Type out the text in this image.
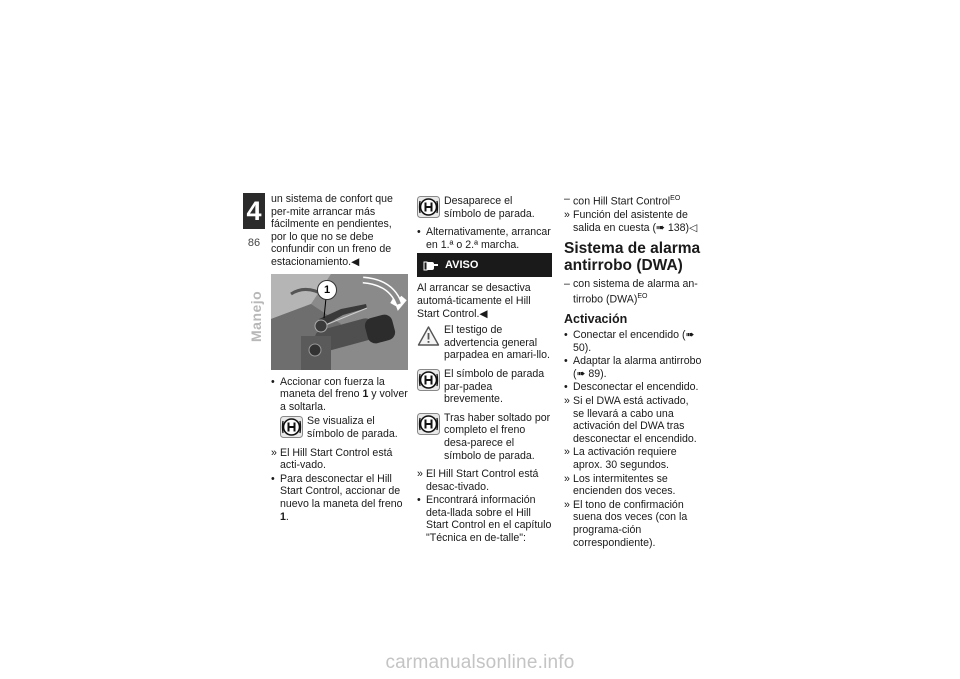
4
86
Manejo

un sistema de confort que per-mite arrancar más fácilmente en pendientes, por lo que no se debe confundir con un freno de estacionamiento.◀

1
• Accionar con fuerza la maneta del freno 1 y volver a soltarla.
Se visualiza el símbolo de parada.
» El Hill Start Control está acti-vado.
• Para desconectar el Hill Start Control, accionar de nuevo la maneta del freno 1.
Desaparece el símbolo de parada.
• Alternativamente, arrancar en 1.ª o 2.ª marcha.
AVISO

Al arrancar se desactiva automá-ticamente el Hill Start Control.◀

El testigo de advertencia general parpadea en amari-llo.
El símbolo de parada par-padea brevemente.
Tras haber soltado por completo el freno desa-parece el símbolo de parada.
» El Hill Start Control está desac-tivado.
• Encontrará información deta-llada sobre el Hill Start Control en el capítulo "Técnica en de-talle":
– con Hill Start Control$^{EO}$
» Función del asistente de salida en cuesta (➠ 138)◁
Sistema de alarma antirrobo (DWA)
– con sistema de alarma an-tirrobo (DWA)$^{EO}$
Activación
• Conectar el encendido (➠ 50).
• Adaptar la alarma antirrobo (➠ 89).
• Desconectar el encendido.
» Si el DWA está activado, se llevará a cabo una activación del DWA tras desconectar el encendido.
» La activación requiere aprox. 30 segundos.
» Los intermitentes se encienden dos veces.
» El tono de confirmación suena dos veces (con la programa-ción correspondiente).
carmanualsonline.info
